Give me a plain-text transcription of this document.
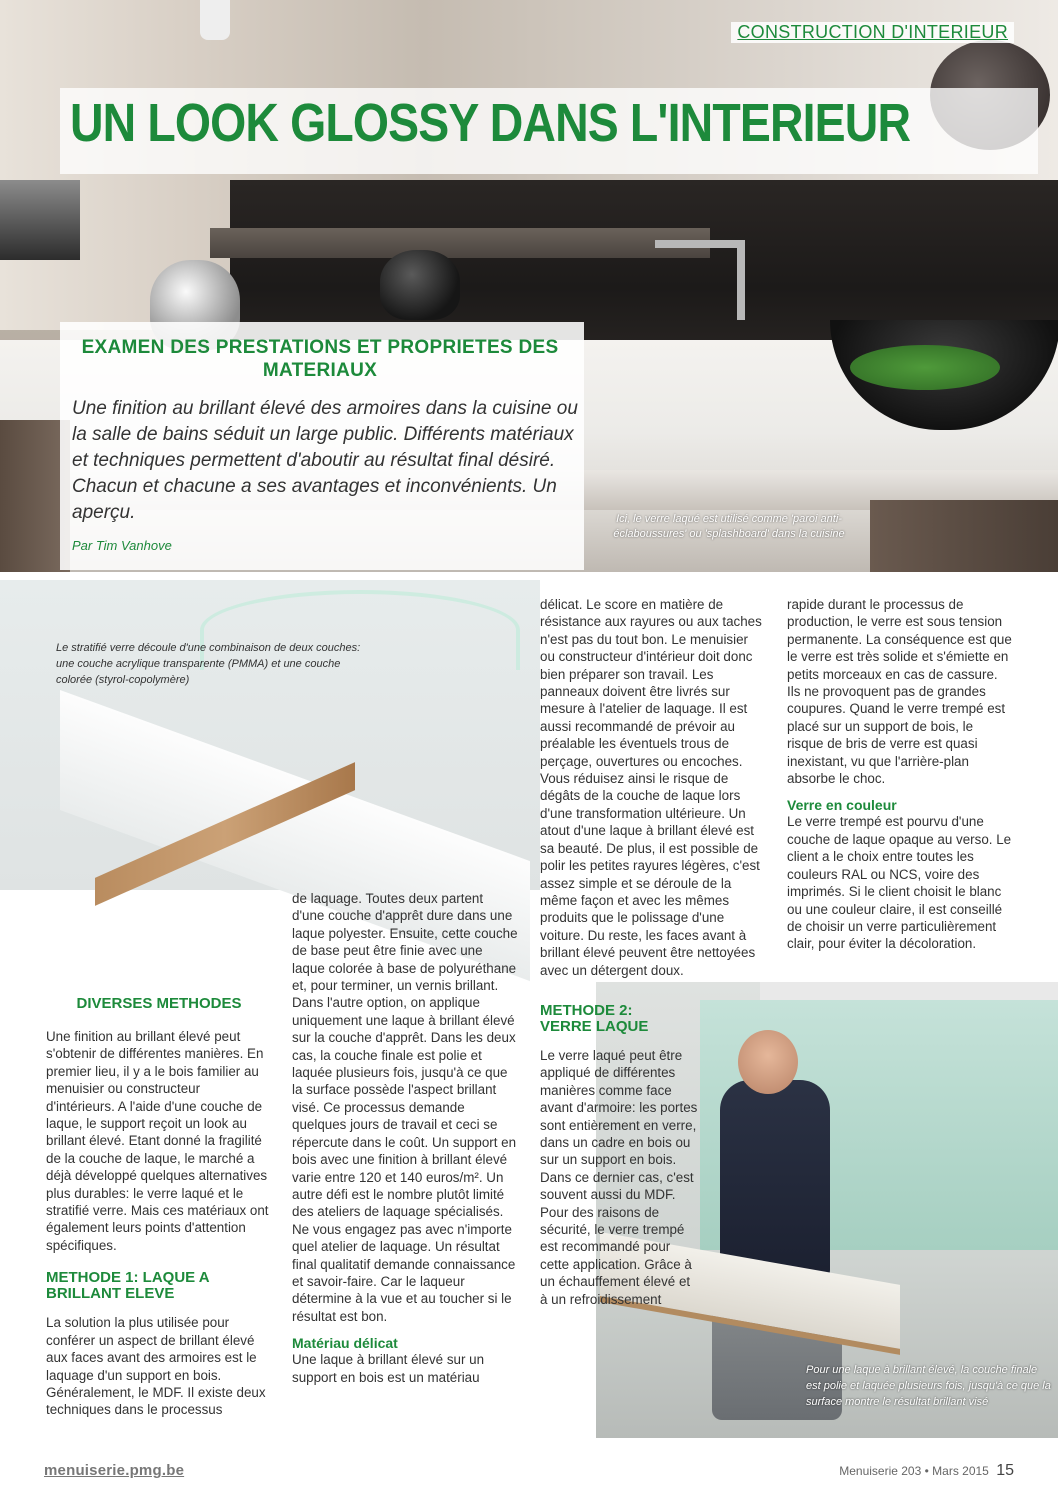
CONSTRUCTION D'INTERIEUR
UN LOOK GLOSSY DANS L'INTERIEUR
EXAMEN DES PRESTATIONS ET PROPRIETES DES MATERIAUX
Une finition au brillant élevé des armoires dans la cuisine ou la salle de bains séduit un large public. Différents matériaux et techniques permettent d'aboutir au résultat final désiré. Chacun et chacune a ses avantages et inconvénients. Un aperçu.
Par Tim Vanhove
Ici, le verre laqué est utilisé comme 'paroi anti-éclaboussures' ou 'splashboard' dans la cuisine
Le stratifié verre découle d'une combinaison de deux couches: une couche acrylique transparente (PMMA) et une couche colorée (styrol-copolymère)
Pour une laque à brillant élevé, la couche finale est polie et laquée plusieurs fois, jusqu'à ce que la surface montre le résultat brillant visé
DIVERSES METHODES

Une finition au brillant élevé peut s'obtenir de différentes manières. En premier lieu, il y a le bois familier au menuisier ou constructeur d'intérieurs. A l'aide d'une couche de laque, le support reçoit un look au brillant élevé. Etant donné la fragilité de la couche de laque, le marché a déjà développé quelques alternatives plus durables: le verre laqué et le stratifié verre. Mais ces matériaux ont également leurs points d'attention spécifiques.

METHODE 1: LAQUE A BRILLANT ELEVE

La solution la plus utilisée pour conférer un aspect de brillant élevé aux faces avant des armoires est le laquage d'un support en bois. Généralement, le MDF. Il existe deux techniques dans le processus

de laquage. Toutes deux partent d'une couche d'apprêt dure dans une laque polyester. Ensuite, cette couche de base peut être finie avec une laque colorée à base de polyuréthane et, pour terminer, un vernis brillant. Dans l'autre option, on applique uniquement une laque à brillant élevé sur la couche d'apprêt. Dans les deux cas, la couche finale est polie et laquée plusieurs fois, jusqu'à ce que la surface possède l'aspect brillant visé. Ce processus demande quelques jours de travail et ceci se répercute dans le coût. Un support en bois avec une finition à brillant élevé varie entre 120 et 140 euros/m². Un autre défi est le nombre plutôt limité des ateliers de laquage spécialisés. Ne vous engagez pas avec n'importe quel atelier de laquage. Un résultat final qualitatif demande connaissance et savoir-faire. Car le laqueur détermine à la vue et au toucher si le résultat est bon.

Matériau délicat

Une laque à brillant élevé sur un support en bois est un matériau

délicat. Le score en matière de résistance aux rayures ou aux taches n'est pas du tout bon. Le menuisier ou constructeur d'intérieur doit donc bien préparer son travail. Les panneaux doivent être livrés sur mesure à l'atelier de laquage. Il est aussi recommandé de prévoir au préalable les éventuels trous de perçage, ouvertures ou encoches. Vous réduisez ainsi le risque de dégâts de la couche de laque lors d'une transformation ultérieure. Un atout d'une laque à brillant élevé est sa beauté. De plus, il est possible de polir les petites rayures légères, c'est assez simple et se déroule de la même façon et avec les mêmes produits que le polissage d'une voiture. Du reste, les faces avant à brillant élevé peuvent être nettoyées avec un détergent doux.

METHODE 2: VERRE LAQUE

Le verre laqué peut être appliqué de différentes manières comme face avant d'armoire: les portes sont entièrement en verre, dans un cadre en bois ou sur un support en bois. Dans ce dernier cas, c'est souvent aussi du MDF. Pour des raisons de sécurité, le verre trempé est recommandé pour cette application. Grâce à un échauffement élevé et à un refroidissement

rapide durant le processus de production, le verre est sous tension permanente. La conséquence est que le verre est très solide et s'émiette en petits morceaux en cas de cassure. Ils ne provoquent pas de grandes coupures. Quand le verre trempé est placé sur un support de bois, le risque de bris de verre est quasi inexistant, vu que l'arrière-plan absorbe le choc.

Verre en couleur

Le verre trempé est pourvu d'une couche de laque opaque au verso. Le client a le choix entre toutes les couleurs RAL ou NCS, voire des imprimés. Si le client choisit le blanc ou une couleur claire, il est conseillé de choisir un verre particulièrement clair, pour éviter la décoloration.

menuiserie.pmg.be	Menuiserie 203 • Mars 2015 15
